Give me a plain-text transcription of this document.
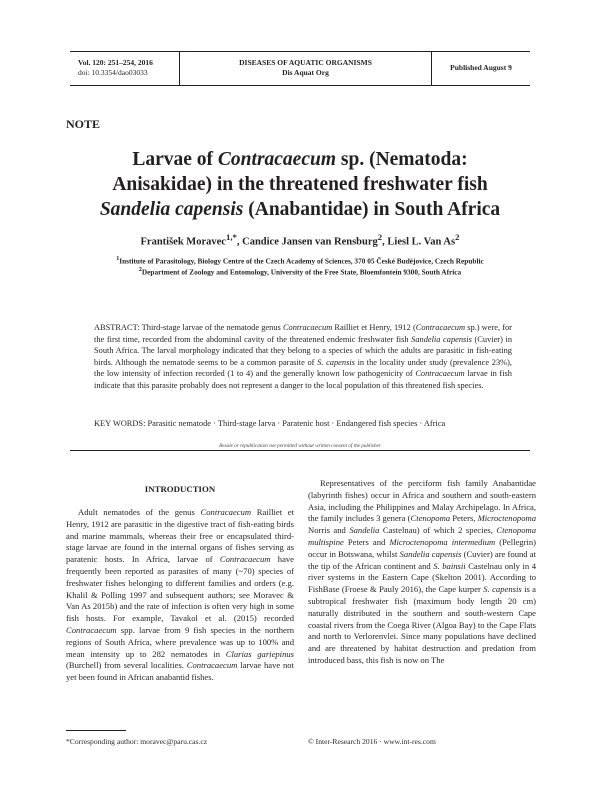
Vol. 120: 251–254, 2016
doi: 10.3354/dao03033
DISEASES OF AQUATIC ORGANISMS
Dis Aquat Org
Published August 9
NOTE
Larvae of Contracaecum sp. (Nematoda:
Anisakidae) in the threatened freshwater fish
Sandelia capensis (Anabantidae) in South Africa
František Moravec$^{1,*}$, Candice Jansen van Rensburg$^2$, Liesl L. Van As$^2$
$^1$Institute of Parasitology, Biology Centre of the Czech Academy of Sciences, 370 05 České Budějovice, Czech Republic
$^2$Department of Zoology and Entomology, University of the Free State, Bloemfontein 9300, South Africa
ABSTRACT: Third-stage larvae of the nematode genus Contracaecum Railliet et Henry, 1912 (Contracaecum sp.) were, for the first time, recorded from the abdominal cavity of the threatened endemic freshwater fish Sandelia capensis (Cuvier) in South Africa. The larval morphology indicated that they belong to a species of which the adults are parasitic in fish-eating birds. Although the nematode seems to be a common parasite of S. capensis in the locality under study (prevalence 23%), the low intensity of infection recorded (1 to 4) and the generally known low pathogenicity of Contracaecum larvae in fish indicate that this parasite probably does not represent a danger to the local population of this threatened fish species.
KEY WORDS: Parasitic nematode · Third-stage larva · Paratenic host · Endangered fish species · Africa
Resale or republication not permitted without written consent of the publisher
INTRODUCTION

Adult nematodes of the genus Contracaecum Railliet et Henry, 1912 are parasitic in the digestive tract of fish-eating birds and marine mammals, whereas their free or encapsulated third-stage larvae are found in the internal organs of fishes serving as paratenic hosts. In Africa, larvae of Contracaecum have frequently been reported as parasites of many (~70) species of freshwater fishes belonging to different families and orders (e.g. Khalil & Polling 1997 and subsequent authors; see Moravec & Van As 2015b) and the rate of infection is often very high in some fish hosts. For example, Tavakol et al. (2015) recorded Contracaecum spp. larvae from 9 fish species in the northern regions of South Africa, where prevalence was up to 100% and mean intensity up to 282 nematodes in Clarias gariepinus (Burchell) from several localities. Contracaecum larvae have not yet been found in African anabantid fishes.

Representatives of the perciform fish family Anabantidae (labyrinth fishes) occur in Africa and southern and south-eastern Asia, including the Philippines and Malay Archipelago. In Africa, the family includes 3 genera (Ctenopoma Peters, Microctenopoma Norris and Sandelia Castelnau) of which 2 species, Ctenopoma multispine Peters and Microctenopoma intermedium (Pellegrin) occur in Botswana, whilst Sandelia capensis (Cuvier) are found at the tip of the African continent and S. bainsii Castelnau only in 4 river systems in the Eastern Cape (Skelton 2001). According to FishBase (Froese & Pauly 2016), the Cape kurper S. capensis is a subtropical freshwater fish (maximum body length 20 cm) naturally distributed in the southern and south-western Cape coastal rivers from the Coega River (Algoa Bay) to the Cape Flats and north to Verlorenvlei. Since many populations have declined and are threatened by habitat destruction and predation from introduced bass, this fish is now on The

*Corresponding author: moravec@paru.cas.cz	© Inter-Research 2016 · www.int-res.com
